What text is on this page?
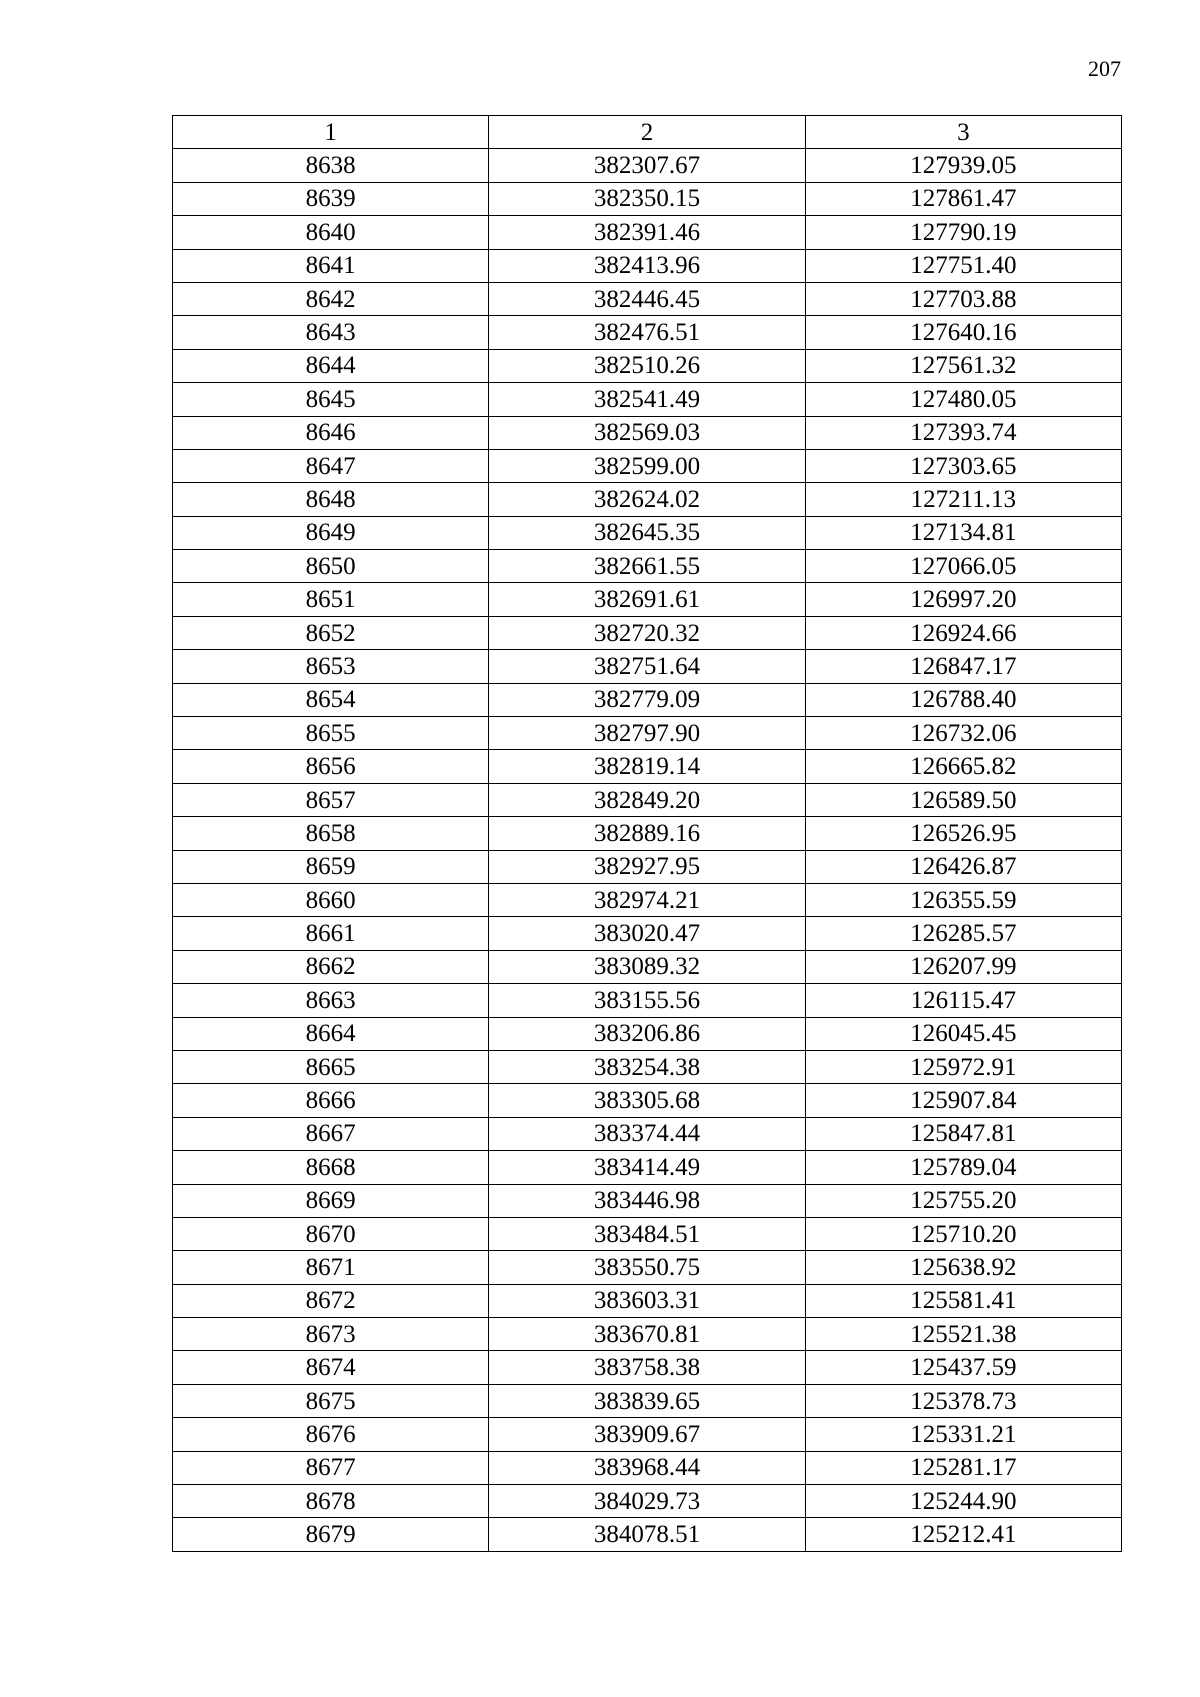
207
1	2	3
8638	382307.67	127939.05
8639	382350.15	127861.47
8640	382391.46	127790.19
8641	382413.96	127751.40
8642	382446.45	127703.88
8643	382476.51	127640.16
8644	382510.26	127561.32
8645	382541.49	127480.05
8646	382569.03	127393.74
8647	382599.00	127303.65
8648	382624.02	127211.13
8649	382645.35	127134.81
8650	382661.55	127066.05
8651	382691.61	126997.20
8652	382720.32	126924.66
8653	382751.64	126847.17
8654	382779.09	126788.40
8655	382797.90	126732.06
8656	382819.14	126665.82
8657	382849.20	126589.50
8658	382889.16	126526.95
8659	382927.95	126426.87
8660	382974.21	126355.59
8661	383020.47	126285.57
8662	383089.32	126207.99
8663	383155.56	126115.47
8664	383206.86	126045.45
8665	383254.38	125972.91
8666	383305.68	125907.84
8667	383374.44	125847.81
8668	383414.49	125789.04
8669	383446.98	125755.20
8670	383484.51	125710.20
8671	383550.75	125638.92
8672	383603.31	125581.41
8673	383670.81	125521.38
8674	383758.38	125437.59
8675	383839.65	125378.73
8676	383909.67	125331.21
8677	383968.44	125281.17
8678	384029.73	125244.90
8679	384078.51	125212.41
